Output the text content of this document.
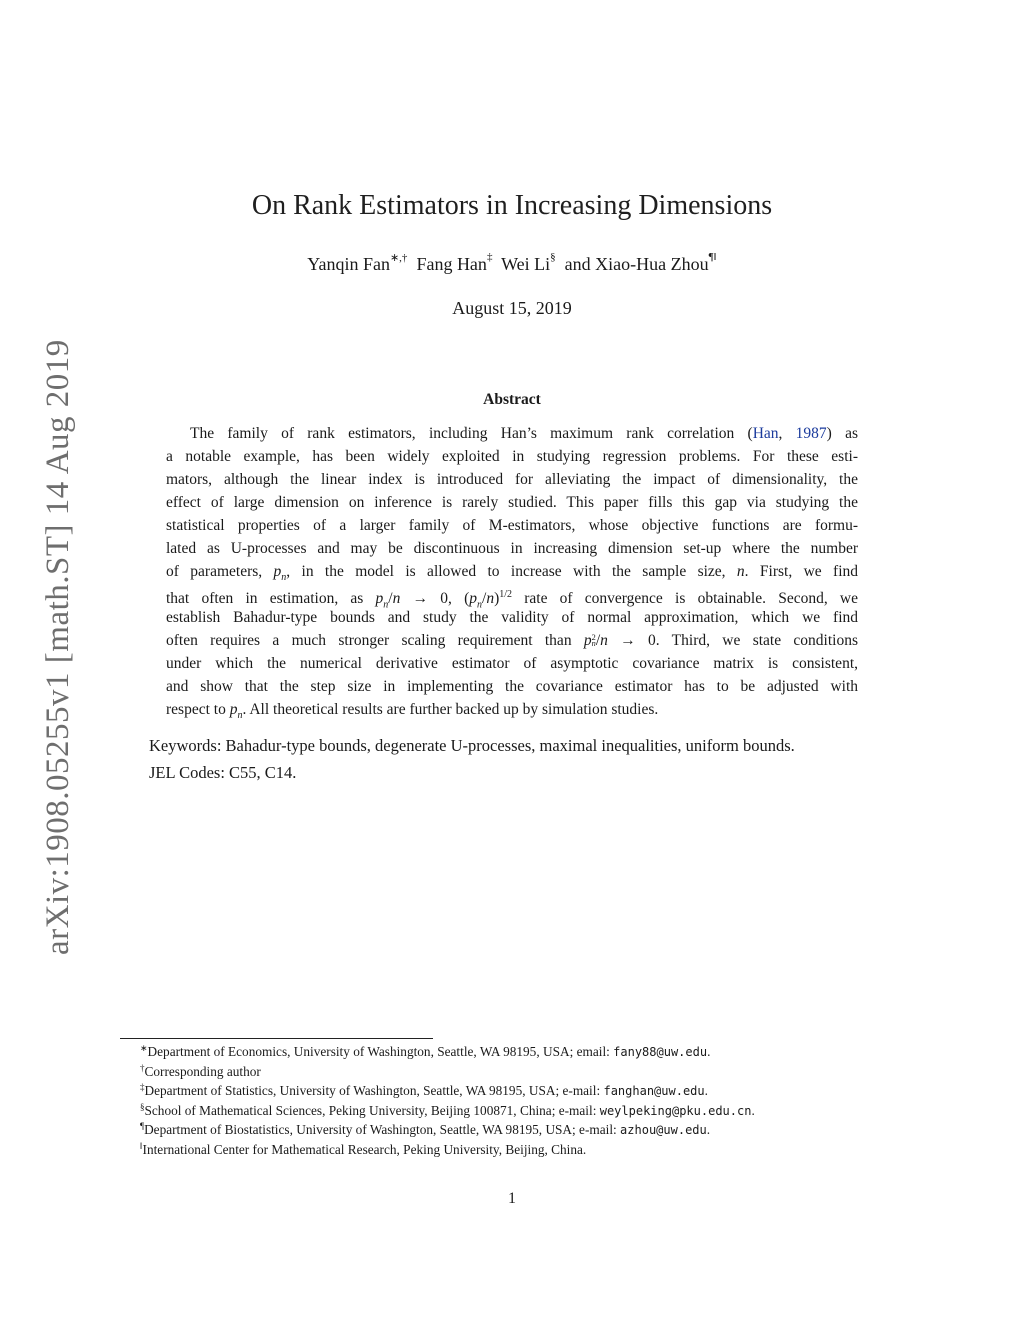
arXiv:1908.05255v1 [math.ST] 14 Aug 2019
On Rank Estimators in Increasing Dimensions
Yanqin Fan∗,† Fang Han‡ Wei Li§ and Xiao-Hua Zhou¶‖
August 15, 2019
Abstract
The family of rank estimators, including Han’s maximum rank correlation (Han, 1987) as
a notable example, has been widely exploited in studying regression problems. For these esti-
mators, although the linear index is introduced for alleviating the impact of dimensionality, the
effect of large dimension on inference is rarely studied. This paper fills this gap via studying the
statistical properties of a larger family of M-estimators, whose objective functions are formu-
lated as U-processes and may be discontinuous in increasing dimension set-up where the number
of parameters, $p_n$, in the model is allowed to increase with the sample size, n. First, we find
that often in estimation, as $p_n/n \to 0$, $(p_n/n)^{1/2}$ rate of convergence is obtainable. Second, we
establish Bahadur-type bounds and study the validity of normal approximation, which we find
often requires a much stronger scaling requirement than p 2
n /n → 0. Third, we state conditions
under which the numerical derivative estimator of asymptotic covariance matrix is consistent,
and show that the step size in implementing the covariance estimator has to be adjusted with
respect to $p_n$. All theoretical results are further backed up by simulation studies.
Keywords: Bahadur-type bounds, degenerate U-processes, maximal inequalities, uniform bounds.
JEL Codes: C55, C14.
∗Department of Economics, University of Washington, Seattle, WA 98195, USA; email: fany88@uw.edu.
†Corresponding author
‡Department of Statistics, University of Washington, Seattle, WA 98195, USA; e-mail: fanghan@uw.edu.
§School of Mathematical Sciences, Peking University, Beijing 100871, China; e-mail: weylpeking@pku.edu.cn.
¶Department of Biostatistics, University of Washington, Seattle, WA 98195, USA; e-mail: azhou@uw.edu.
‖International Center for Mathematical Research, Peking University, Beijing, China.
1
